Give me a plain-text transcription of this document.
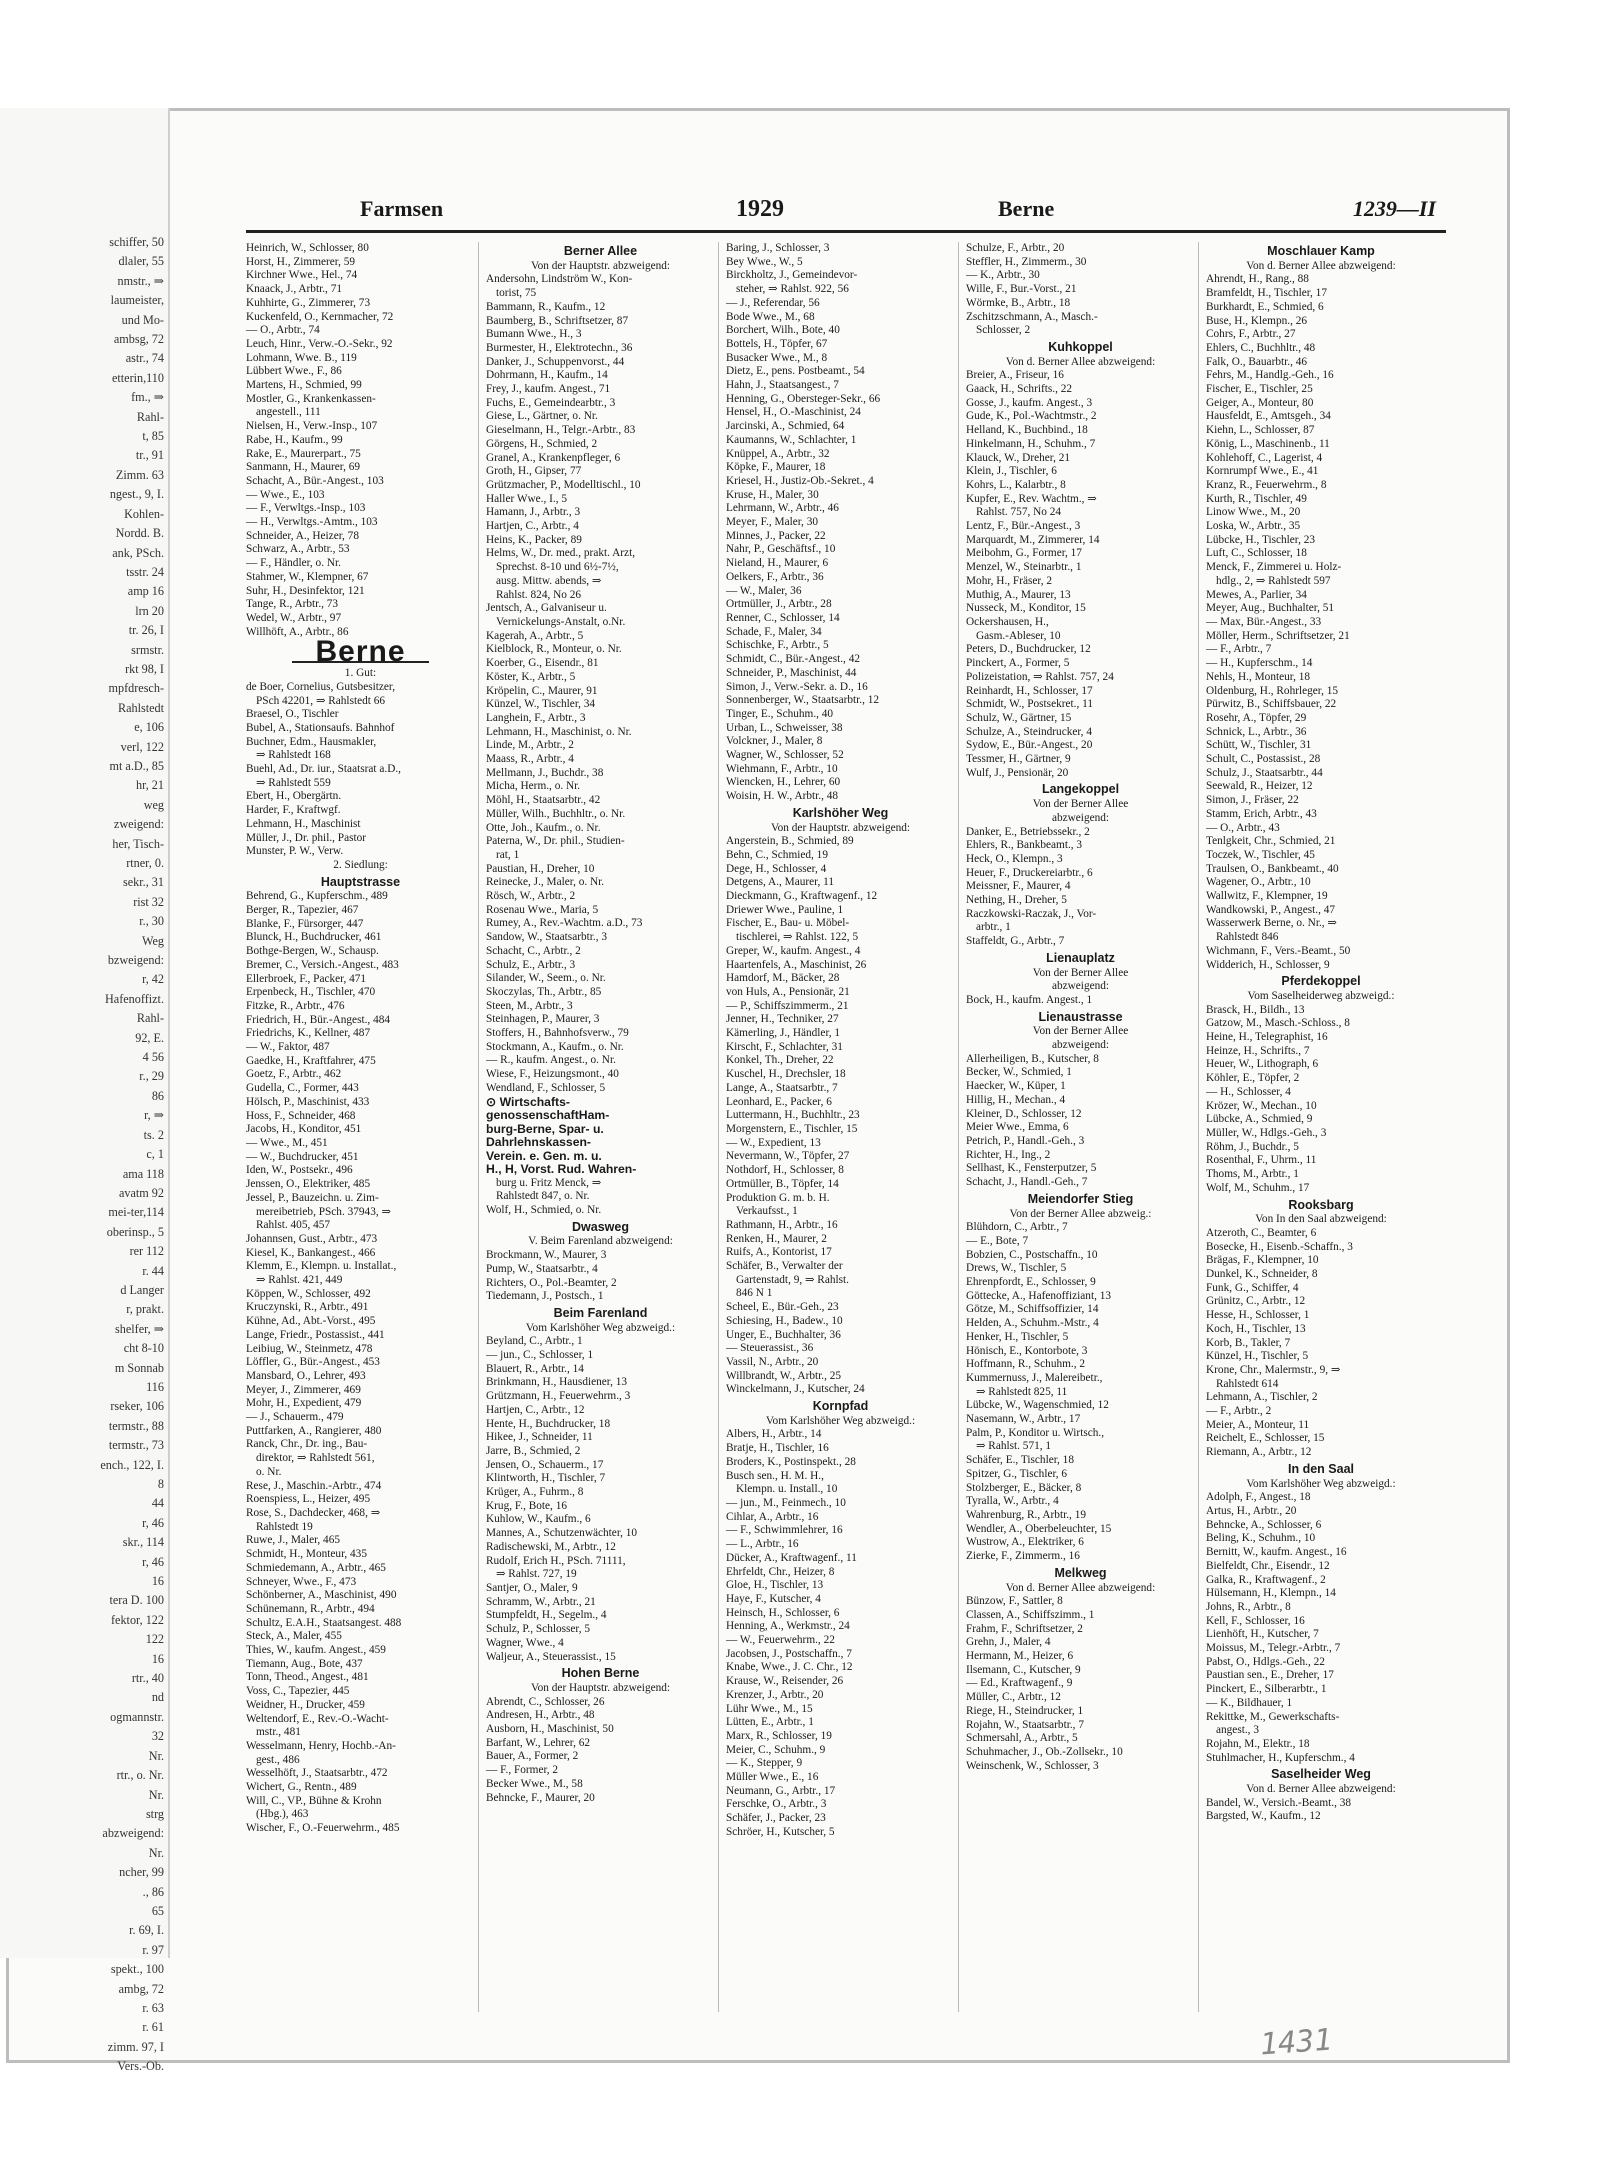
schiffer, 50
dlaler, 55
nmstr., ⇒
laumeister,
und Mo-
ambsg, 72
astr., 74
etterin,110
fm., ⇒
Rahl-
t, 85
tr., 91
Zimm. 63
ngest., 9, I.
Kohlen-
Nordd. B.
ank, PSch.
tsstr. 24
amp 16
lrn 20
tr. 26, I
srmstr.
rkt 98, I
mpfdresch-
Rahlstedt
e, 106
verl, 122
mt a.D., 85
hr, 21
weg
zweigend:
her, Tisch-
rtner, 0.
sekr., 31
rist 32
r., 30
Weg
bzweigend:
r, 42
Hafenoffizt.
Rahl-
92, E.
4 56
r., 29
86
r, ⇒
ts. 2
c, 1
ama 118
avatm 92
mei-ter,114
oberinsp., 5
rer 112
r. 44
d Langer
r, prakt.
shelfer, ⇒
cht 8-10
m Sonnab
116
rseker, 106
termstr., 88
termstr., 73
ench., 122, I.
8
44
r, 46
skr., 114
r, 46
16
tera D. 100
fektor, 122
122
16
rtr., 40
nd
ogmannstr.
32
Nr.
rtr., o. Nr.
Nr.
strg
abzweigend:
Nr.
ncher, 99
., 86
65
r. 69, I.
r. 97
spekt., 100
ambg, 72
r. 63
r. 61
zimm. 97, I
Vers.-Ob.
Farmsen	1929	Berne	1239—II
Heinrich, W., Schlosser, 80
Horst, H., Zimmerer, 59
Kirchner Wwe., Hel., 74
Knaack, J., Arbtr., 71
Kuhhirte, G., Zimmerer, 73
Kuckenfeld, O., Kernmacher, 72
— O., Arbtr., 74
Leuch, Hinr., Verw.-O.-Sekr., 92
Lohmann, Wwe. B., 119
Lübbert Wwe., F., 86
Martens, H., Schmied, 99
Mostler, G., Krankenkassen-
angestell., 111
Nielsen, H., Verw.-Insp., 107
Rabe, H., Kaufm., 99
Rake, E., Maurerpart., 75
Sanmann, H., Maurer, 69
Schacht, A., Bür.-Angest., 103
— Wwe., E., 103
— F., Verwltgs.-Insp., 103
— H., Verwltgs.-Amtm., 103
Schneider, A., Heizer, 78
Schwarz, A., Arbtr., 53
— F., Händler, o. Nr.
Stahmer, W., Klempner, 67
Suhr, H., Desinfektor, 121
Tange, R., Arbtr., 73
Wedel, W., Arbtr., 97
Willhöft, A., Arbtr., 86
Berne
1. Gut:
de Boer, Cornelius, Gutsbesitzer,
PSch 42201, ⇒ Rahlstedt 66
Braesel, O., Tischler
Bubel, A., Stationsaufs. Bahnhof
Buchner, Edm., Hausmakler,
⇒ Rahlstedt 168
Buehl, Ad., Dr. iur., Staatsrat a.D.,
⇒ Rahlstedt 559
Ebert, H., Obergärtn.
Harder, F., Kraftwgf.
Lehmann, H., Maschinist
Müller, J., Dr. phil., Pastor
Munster, P. W., Verw.
2. Siedlung:
Hauptstrasse
Behrend, G., Kupferschm., 489
Berger, R., Tapezier, 467
Blanke, F., Fürsorger, 447
Blunck, H., Buchdrucker, 461
Bothge-Bergen, W., Schausp.
Bremer, C., Versich.-Angest., 483
Ellerbroek, F., Packer, 471
Erpenbeck, H., Tischler, 470
Fitzke, R., Arbtr., 476
Friedrich, H., Bür.-Angest., 484
Friedrichs, K., Kellner, 487
— W., Faktor, 487
Gaedke, H., Kraftfahrer, 475
Goetz, F., Arbtr., 462
Gudella, C., Former, 443
Hölsch, P., Maschinist, 433
Hoss, F., Schneider, 468
Jacobs, H., Konditor, 451
— Wwe., M., 451
— W., Buchdrucker, 451
Iden, W., Postsekr., 496
Jenssen, O., Elektriker, 485
Jessel, P., Bauzeichn. u. Zim-
mereibetrieb, PSch. 37943, ⇒
Rahlst. 405, 457
Johannsen, Gust., Arbtr., 473
Kiesel, K., Bankangest., 466
Klemm, E., Klempn. u. Installat.,
⇒ Rahlst. 421, 449
Köppen, W., Schlosser, 492
Kruczynski, R., Arbtr., 491
Kühne, Ad., Abt.-Vorst., 495
Lange, Friedr., Postassist., 441
Leibiug, W., Steinmetz, 478
Löffler, G., Bür.-Angest., 453
Mansbard, O., Lehrer, 493
Meyer, J., Zimmerer, 469
Mohr, H., Expedient, 479
— J., Schauerm., 479
Puttfarken, A., Rangierer, 480
Ranck, Chr., Dr. ing., Bau-
direktor, ⇒ Rahlstedt 561,
o. Nr.
Rese, J., Maschin.-Arbtr., 474
Roenspiess, L., Heizer, 495
Rose, S., Dachdecker, 468, ⇒
Rahlstedt 19
Ruwe, J., Maler, 465
Schmidt, H., Monteur, 435
Schmiedemann, A., Arbtr., 465
Schneyer, Wwe., F., 473
Schönberner, A., Maschinist, 490
Schünemann, R., Arbtr., 494
Schultz, E.A.H., Staatsangest. 488
Steck, A., Maler, 455
Thies, W., kaufm. Angest., 459
Tiemann, Aug., Bote, 437
Tonn, Theod., Angest., 481
Voss, C., Tapezier, 445
Weidner, H., Drucker, 459
Weltendorf, E., Rev.-O.-Wacht-
mstr., 481
Wesselmann, Henry, Hochb.-An-
gest., 486
Wesselhöft, J., Staatsarbtr., 472
Wichert, G., Rentn., 489
Will, C., VP., Bühne & Krohn
(Hbg.), 463
Wischer, F., O.-Feuerwehrm., 485
Berner Allee
Von der Hauptstr. abzweigend:
Andersohn, Lindström W., Kon-
torist, 75
Bammann, R., Kaufm., 12
Baumberg, B., Schriftsetzer, 87
Bumann Wwe., H., 3
Burmester, H., Elektrotechn., 36
Danker, J., Schuppenvorst., 44
Dohrmann, H., Kaufm., 14
Frey, J., kaufm. Angest., 71
Fuchs, E., Gemeindearbtr., 3
Giese, L., Gärtner, o. Nr.
Gieselmann, H., Telgr.-Arbtr., 83
Görgens, H., Schmied, 2
Granel, A., Krankenpfleger, 6
Groth, H., Gipser, 77
Grützmacher, P., Modelltischl., 10
Haller Wwe., I., 5
Hamann, J., Arbtr., 3
Hartjen, C., Arbtr., 4
Heins, K., Packer, 89
Helms, W., Dr. med., prakt. Arzt,
Sprechst. 8-10 und 6½-7½,
ausg. Mittw. abends, ⇒
Rahlst. 824, No 26
Jentsch, A., Galvaniseur u.
Vernickelungs-Anstalt, o.Nr.
Kagerah, A., Arbtr., 5
Kielblock, R., Monteur, o. Nr.
Koerber, G., Eisendr., 81
Köster, K., Arbtr., 5
Kröpelin, C., Maurer, 91
Künzel, W., Tischler, 34
Langhein, F., Arbtr., 3
Lehmann, H., Maschinist, o. Nr.
Linde, M., Arbtr., 2
Maass, R., Arbtr., 4
Mellmann, J., Buchdr., 38
Micha, Herm., o. Nr.
Möhl, H., Staatsarbtr., 42
Müller, Wilh., Buchhltr., o. Nr.
Otte, Joh., Kaufm., o. Nr.
Paterna, W., Dr. phil., Studien-
rat, 1
Paustian, H., Dreher, 10
Reinecke, J., Maler, o. Nr.
Rösch, W., Arbtr., 2
Rosenau Wwe., Maria, 5
Rumey, A., Rev.-Wachtm. a.D., 73
Sandow, W., Staatsarbtr., 3
Schacht, C., Arbtr., 2
Schulz, E., Arbtr., 3
Silander, W., Seem., o. Nr.
Skoczylas, Th., Arbtr., 85
Steen, M., Arbtr., 3
Steinhagen, P., Maurer, 3
Stoffers, H., Bahnhofsverw., 79
Stockmann, A., Kaufm., o. Nr.
— R., kaufm. Angest., o. Nr.
Wiese, F., Heizungsmont., 40
Wendland, F., Schlosser, 5
⊙ Wirtschafts-
genossenschaftHam-
burg-Berne, Spar- u.
Dahrlehnskassen-
Verein. e. Gen. m. u.
H., H, Vorst. Rud. Wahren-
burg u. Fritz Menck, ⇒
Rahlstedt 847, o. Nr.
Wolf, H., Schmied, o. Nr.
Dwasweg
V. Beim Farenland abzweigend:
Brockmann, W., Maurer, 3
Pump, W., Staatsarbtr., 4
Richters, O., Pol.-Beamter, 2
Tiedemann, J., Postsch., 1
Beim Farenland
Vom Karlshöher Weg abzweigd.:
Beyland, C., Arbtr., 1
— jun., C., Schlosser, 1
Blauert, R., Arbtr., 14
Brinkmann, H., Hausdiener, 13
Grützmann, H., Feuerwehrm., 3
Hartjen, C., Arbtr., 12
Hente, H., Buchdrucker, 18
Hikee, J., Schneider, 11
Jarre, B., Schmied, 2
Jensen, O., Schauerm., 17
Klintworth, H., Tischler, 7
Krüger, A., Fuhrm., 8
Krug, F., Bote, 16
Kuhlow, W., Kaufm., 6
Mannes, A., Schutzenwächter, 10
Radischewski, M., Arbtr., 12
Rudolf, Erich H., PSch. 71111,
⇒ Rahlst. 727, 19
Santjer, O., Maler, 9
Schramm, W., Arbtr., 21
Stumpfeldt, H., Segelm., 4
Schulz, P., Schlosser, 5
Wagner, Wwe., 4
Waljeur, A., Steuerassist., 15
Hohen Berne
Von der Hauptstr. abzweigend:
Abrendt, C., Schlosser, 26
Andresen, H., Arbtr., 48
Ausborn, H., Maschinist, 50
Barfant, W., Lehrer, 62
Bauer, A., Former, 2
— F., Former, 2
Becker Wwe., M., 58
Behncke, F., Maurer, 20
Baring, J., Schlosser, 3
Bey Wwe., W., 5
Birckholtz, J., Gemeindevor-
steher, ⇒ Rahlst. 922, 56
— J., Referendar, 56
Bode Wwe., M., 68
Borchert, Wilh., Bote, 40
Bottels, H., Töpfer, 67
Busacker Wwe., M., 8
Dietz, E., pens. Postbeamt., 54
Hahn, J., Staatsangest., 7
Henning, G., Obersteger-Sekr., 66
Hensel, H., O.-Maschinist, 24
Jarcinski, A., Schmied, 64
Kaumanns, W., Schlachter, 1
Knüppel, A., Arbtr., 32
Köpke, F., Maurer, 18
Kriesel, H., Justiz-Ob.-Sekret., 4
Kruse, H., Maler, 30
Lehrmann, W., Arbtr., 46
Meyer, F., Maler, 30
Minnes, J., Packer, 22
Nahr, P., Geschäftsf., 10
Nieland, H., Maurer, 6
Oelkers, F., Arbtr., 36
— W., Maler, 36
Ortmüller, J., Arbtr., 28
Renner, C., Schlosser, 14
Schade, F., Maler, 34
Schischke, F., Arbtr., 5
Schmidt, C., Bür.-Angest., 42
Schneider, P., Maschinist, 44
Simon, J., Verw.-Sekr. a. D., 16
Sonnenberger, W., Staatsarbtr., 12
Tinger, E., Schuhm., 40
Urban, L., Schweisser, 38
Volckner, J., Maler, 8
Wagner, W., Schlosser, 52
Wiehmann, F., Arbtr., 10
Wiencken, H., Lehrer, 60
Woisin, H. W., Arbtr., 48
Karlshöher Weg
Von der Hauptstr. abzweigend:
Angerstein, B., Schmied, 89
Behn, C., Schmied, 19
Dege, H., Schlosser, 4
Detgens, A., Maurer, 11
Dieckmann, G., Kraftwagenf., 12
Driewer Wwe., Pauline, 1
Fischer, E., Bau- u. Möbel-
tischlerei, ⇒ Rahlst. 122, 5
Greper, W., kaufm. Angest., 4
Haartenfels, A., Maschinist, 26
Hamdorf, M., Bäcker, 28
von Huls, A., Pensionär, 21
— P., Schiffszimmerm., 21
Jenner, H., Techniker, 27
Kämerling, J., Händler, 1
Kirscht, F., Schlachter, 31
Konkel, Th., Dreher, 22
Kuschel, H., Drechsler, 18
Lange, A., Staatsarbtr., 7
Leonhard, E., Packer, 6
Luttermann, H., Buchhltr., 23
Morgenstern, E., Tischler, 15
— W., Expedient, 13
Nevermann, W., Töpfer, 27
Nothdorf, H., Schlosser, 8
Ortmüller, B., Töpfer, 14
Produktion G. m. b. H.
Verkaufsst., 1
Rathmann, H., Arbtr., 16
Renken, H., Maurer, 2
Ruifs, A., Kontorist, 17
Schäfer, B., Verwalter der
Gartenstadt, 9, ⇒ Rahlst.
846 N 1
Scheel, E., Bür.-Geh., 23
Schiesing, H., Badew., 10
Unger, E., Buchhalter, 36
— Steuerassist., 36
Vassil, N., Arbtr., 20
Willbrandt, W., Arbtr., 25
Winckelmann, J., Kutscher, 24
Kornpfad
Vom Karlshöher Weg abzweigd.:
Albers, H., Arbtr., 14
Bratje, H., Tischler, 16
Broders, K., Postinspekt., 28
Busch sen., H. M. H.,
Klempn. u. Install., 10
— jun., M., Feinmech., 10
Cihlar, A., Arbtr., 16
— F., Schwimmlehrer, 16
— L., Arbtr., 16
Dücker, A., Kraftwagenf., 11
Ehrfeldt, Chr., Heizer, 8
Gloe, H., Tischler, 13
Haye, F., Kutscher, 4
Heinsch, H., Schlosser, 6
Henning, A., Werkmstr., 24
— W., Feuerwehrm., 22
Jacobsen, J., Postschaffn., 7
Knabe, Wwe., J. C. Chr., 12
Krause, W., Reisender, 26
Krenzer, J., Arbtr., 20
Lühr Wwe., M., 15
Lütten, E., Arbtr., 1
Marx, R., Schlosser, 19
Meier, C., Schuhm., 9
— K., Stepper, 9
Müller Wwe., E., 16
Neumann, G., Arbtr., 17
Ferschke, O., Arbtr., 3
Schäfer, J., Packer, 23
Schröer, H., Kutscher, 5
Schulze, F., Arbtr., 20
Steffler, H., Zimmerm., 30
— K., Arbtr., 30
Wille, F., Bur.-Vorst., 21
Wörmke, B., Arbtr., 18
Zschitzschmann, A., Masch.-
Schlosser, 2
Kuhkoppel
Von d. Berner Allee abzweigend:
Breier, A., Friseur, 16
Gaack, H., Schrifts., 22
Gosse, J., kaufm. Angest., 3
Gude, K., Pol.-Wachtmstr., 2
Helland, K., Buchbind., 18
Hinkelmann, H., Schuhm., 7
Klauck, W., Dreher, 21
Klein, J., Tischler, 6
Kohrs, L., Kalarbtr., 8
Kupfer, E., Rev. Wachtm., ⇒
Rahlst. 757, No 24
Lentz, F., Bür.-Angest., 3
Marquardt, M., Zimmerer, 14
Meibohm, G., Former, 17
Menzel, W., Steinarbtr., 1
Mohr, H., Fräser, 2
Muthig, A., Maurer, 13
Nusseck, M., Konditor, 15
Ockershausen, H.,
Gasm.-Ableser, 10
Peters, D., Buchdrucker, 12
Pinckert, A., Former, 5
Polizeistation, ⇒ Rahlst. 757, 24
Reinhardt, H., Schlosser, 17
Schmidt, W., Postsekret., 11
Schulz, W., Gärtner, 15
Schulze, A., Steindrucker, 4
Sydow, E., Bür.-Angest., 20
Tessmer, H., Gärtner, 9
Wulf, J., Pensionär, 20
Langekoppel
Von der Berner Allee
abzweigend:
Danker, E., Betriebssekr., 2
Ehlers, R., Bankbeamt., 3
Heck, O., Klempn., 3
Heuer, F., Druckereiarbtr., 6
Meissner, F., Maurer, 4
Nething, H., Dreher, 5
Raczkowski-Raczak, J., Vor-
arbtr., 1
Staffeldt, G., Arbtr., 7
Lienauplatz
Von der Berner Allee
abzweigend:
Bock, H., kaufm. Angest., 1
Lienaustrasse
Von der Berner Allee
abzweigend:
Allerheiligen, B., Kutscher, 8
Becker, W., Schmied, 1
Haecker, W., Küper, 1
Hillig, H., Mechan., 4
Kleiner, D., Schlosser, 12
Meier Wwe., Emma, 6
Petrich, P., Handl.-Geh., 3
Richter, H., Ing., 2
Sellhast, K., Fensterputzer, 5
Schacht, J., Handl.-Geh., 7
Meiendorfer Stieg
Von der Berner Allee abzweig.:
Blühdorn, C., Arbtr., 7
— E., Bote, 7
Bobzien, C., Postschaffn., 10
Drews, W., Tischler, 5
Ehrenpfordt, E., Schlosser, 9
Göttecke, A., Hafenoffiziant, 13
Götze, M., Schiffsoffizier, 14
Helden, A., Schuhm.-Mstr., 4
Henker, H., Tischler, 5
Hönisch, E., Kontorbote, 3
Hoffmann, R., Schuhm., 2
Kummernuss, J., Malereibetr.,
⇒ Rahlstedt 825, 11
Lübcke, W., Wagenschmied, 12
Nasemann, W., Arbtr., 17
Palm, P., Konditor u. Wirtsch.,
⇒ Rahlst. 571, 1
Schäfer, E., Tischler, 18
Spitzer, G., Tischler, 6
Stolzberger, E., Bäcker, 8
Tyralla, W., Arbtr., 4
Wahrenburg, R., Arbtr., 19
Wendler, A., Oberbeleuchter, 15
Wustrow, A., Elektriker, 6
Zierke, F., Zimmerm., 16
Melkweg
Von d. Berner Allee abzweigend:
Bünzow, F., Sattler, 8
Classen, A., Schiffszimm., 1
Frahm, F., Schriftsetzer, 2
Grehn, J., Maler, 4
Hermann, M., Heizer, 6
Ilsemann, C., Kutscher, 9
— Ed., Kraftwagenf., 9
Müller, C., Arbtr., 12
Riege, H., Steindrucker, 1
Rojahn, W., Staatsarbtr., 7
Schmersahl, A., Arbtr., 5
Schuhmacher, J., Ob.-Zollsekr., 10
Weinschenk, W., Schlosser, 3
Moschlauer Kamp
Von d. Berner Allee abzweigend:
Ahrendt, H., Rang., 88
Bramfeldt, H., Tischler, 17
Burkhardt, E., Schmied, 6
Buse, H., Klempn., 26
Cohrs, F., Arbtr., 27
Ehlers, C., Buchhltr., 48
Falk, O., Bauarbtr., 46
Fehrs, M., Handlg.-Geh., 16
Fischer, E., Tischler, 25
Geiger, A., Monteur, 80
Hausfeldt, E., Amtsgeh., 34
Kiehn, L., Schlosser, 87
König, L., Maschinenb., 11
Kohlehoff, C., Lagerist, 4
Kornrumpf Wwe., E., 41
Kranz, R., Feuerwehrm., 8
Kurth, R., Tischler, 49
Linow Wwe., M., 20
Loska, W., Arbtr., 35
Lübcke, H., Tischler, 23
Luft, C., Schlosser, 18
Menck, F., Zimmerei u. Holz-
hdlg., 2, ⇒ Rahlstedt 597
Mewes, A., Parlier, 34
Meyer, Aug., Buchhalter, 51
— Max, Bür.-Angest., 33
Möller, Herm., Schriftsetzer, 21
— F., Arbtr., 7
— H., Kupferschm., 14
Nehls, H., Monteur, 18
Oldenburg, H., Rohrleger, 15
Pürwitz, B., Schiffsbauer, 22
Rosehr, A., Töpfer, 29
Schnick, L., Arbtr., 36
Schütt, W., Tischler, 31
Schult, C., Postassist., 28
Schulz, J., Staatsarbtr., 44
Seewald, R., Heizer, 12
Simon, J., Fräser, 22
Stamm, Erich, Arbtr., 43
— O., Arbtr., 43
Tenlgkeit, Chr., Schmied, 21
Toczek, W., Tischler, 45
Traulsen, O., Bankbeamt., 40
Wagener, O., Arbtr., 10
Wallwitz, F., Klempner, 19
Wandkowski, P., Angest., 47
Wasserwerk Berne, o. Nr., ⇒
Rahlstedt 846
Wichmann, F., Vers.-Beamt., 50
Widderich, H., Schlosser, 9
Pferdekoppel
Vom Saselheiderweg abzweigd.:
Brasck, H., Bildh., 13
Gatzow, M., Masch.-Schloss., 8
Heine, H., Telegraphist, 16
Heinze, H., Schrifts., 7
Heuer, W., Lithograph, 6
Köhler, E., Töpfer, 2
— H., Schlosser, 4
Krözer, W., Mechan., 10
Lübcke, A., Schmied, 9
Müller, W., Hdlgs.-Geh., 3
Röhm, J., Buchdr., 5
Rosenthal, F., Uhrm., 11
Thoms, M., Arbtr., 1
Wolf, M., Schuhm., 17
Rooksbarg
Von In den Saal abzweigend:
Atzeroth, C., Beamter, 6
Bosecke, H., Eisenb.-Schaffn., 3
Brägas, F., Klempner, 10
Dunkel, K., Schneider, 8
Funk, G., Schiffer, 4
Grünitz, C., Arbtr., 12
Hesse, H., Schlosser, 1
Koch, H., Tischler, 13
Korb, B., Takler, 7
Künzel, H., Tischler, 5
Krone, Chr., Malermstr., 9, ⇒
Rahlstedt 614
Lehmann, A., Tischler, 2
— F., Arbtr., 2
Meier, A., Monteur, 11
Reichelt, E., Schlosser, 15
Riemann, A., Arbtr., 12
In den Saal
Vom Karlshöher Weg abzweigd.:
Adolph, F., Angest., 18
Artus, H., Arbtr., 20
Behncke, A., Schlosser, 6
Beling, K., Schuhm., 10
Bernitt, W., kaufm. Angest., 16
Bielfeldt, Chr., Eisendr., 12
Galka, R., Kraftwagenf., 2
Hülsemann, H., Klempn., 14
Johns, R., Arbtr., 8
Kell, F., Schlosser, 16
Lienhöft, H., Kutscher, 7
Moissus, M., Telegr.-Arbtr., 7
Pabst, O., Hdlgs.-Geh., 22
Paustian sen., E., Dreher, 17
Pinckert, E., Silberarbtr., 1
— K., Bildhauer, 1
Rekittke, M., Gewerkschafts-
angest., 3
Rojahn, M., Elektr., 18
Stuhlmacher, H., Kupferschm., 4
Saselheider Weg
Von d. Berner Allee abzweigend:
Bandel, W., Versich.-Beamt., 38
Bargsted, W., Kaufm., 12
1431
